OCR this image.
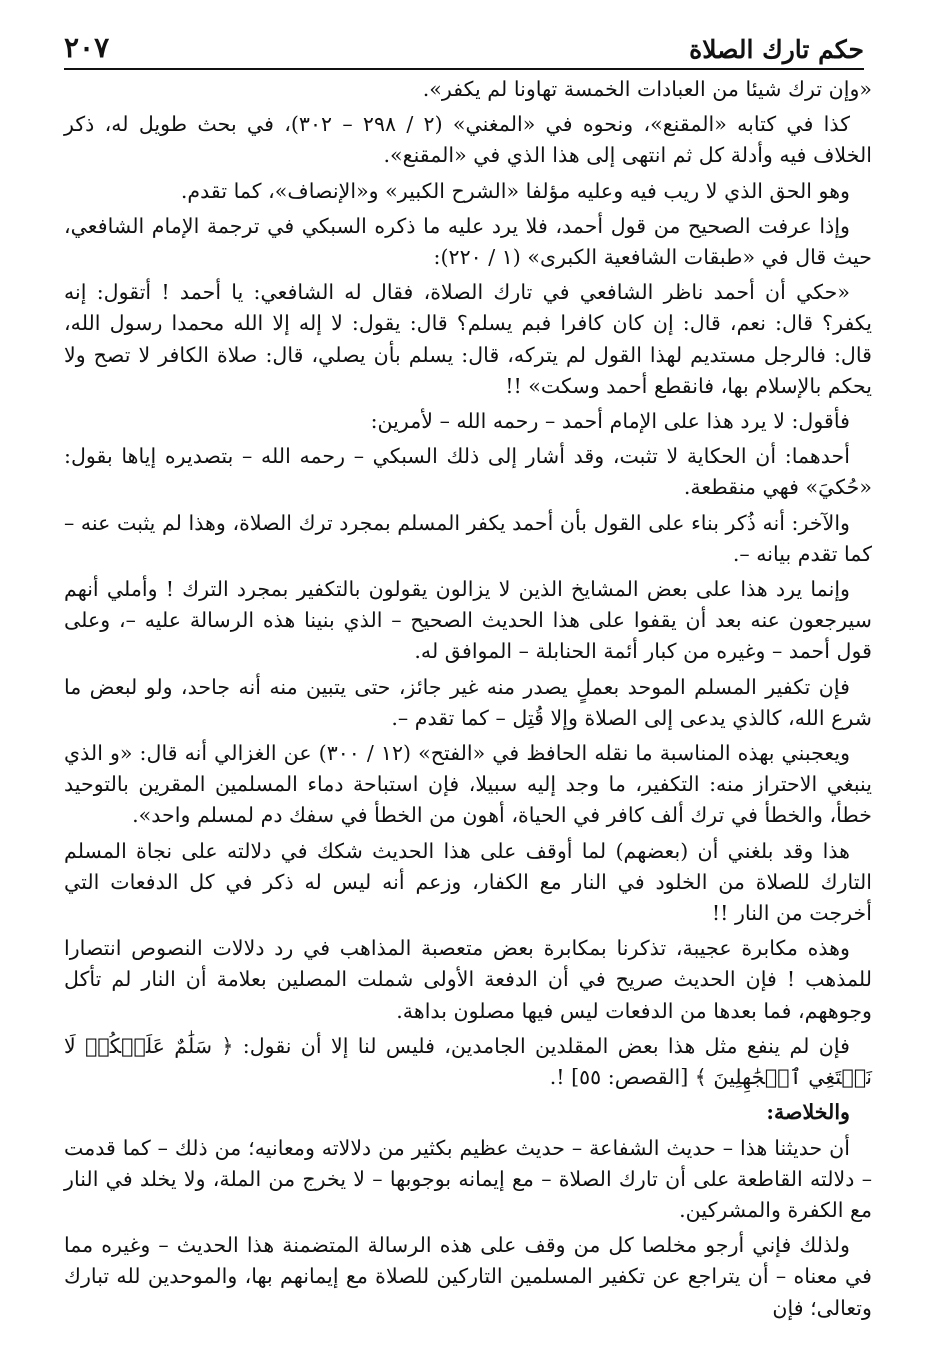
حكم تارك الصلاة
٢٠٧

«وإن ترك شيئا من العبادات الخمسة تهاونا لم يكفر».

كذا في كتابه «المقنع»، ونحوه في «المغني» (٢ / ٢٩٨ – ٣٠٢)، في بحث طويل له، ذكر الخلاف فيه وأدلة كل ثم انتهى إلى هذا الذي في «المقنع».

وهو الحق الذي لا ريب فيه وعليه مؤلفا «الشرح الكبير» و«الإنصاف»، كما تقدم.

وإذا عرفت الصحيح من قول أحمد، فلا يرد عليه ما ذكره السبكي في ترجمة الإمام الشافعي، حيث قال في «طبقات الشافعية الكبرى» (١ / ٢٢٠):

«حكي أن أحمد ناظر الشافعي في تارك الصلاة، فقال له الشافعي: يا أحمد ! أتقول: إنه يكفر؟ قال: نعم، قال: إن كان كافرا فبم يسلم؟ قال: يقول: لا إله إلا الله محمدا رسول الله، قال: فالرجل مستديم لهذا القول لم يتركه، قال: يسلم بأن يصلي، قال: صلاة الكافر لا تصح ولا يحكم بالإسلام بها، فانقطع أحمد وسكت» !!

فأقول: لا يرد هذا على الإمام أحمد – رحمه الله – لأمرين:

أحدهما: أن الحكاية لا تثبت، وقد أشار إلى ذلك السبكي – رحمه الله – بتصديره إياها بقول: «حُكيَ» فهي منقطعة.

والآخر: أنه ذُكر بناء على القول بأن أحمد يكفر المسلم بمجرد ترك الصلاة، وهذا لم يثبت عنه – كما تقدم بيانه –.

وإنما يرد هذا على بعض المشايخ الذين لا يزالون يقولون بالتكفير بمجرد الترك ! وأملي أنهم سيرجعون عنه بعد أن يقفوا على هذا الحديث الصحيح – الذي بنينا هذه الرسالة عليه –، وعلى قول أحمد – وغيره من كبار أئمة الحنابلة – الموافق له.

فإن تكفير المسلم الموحد بعملٍ يصدر منه غير جائز، حتى يتبين منه أنه جاحد، ولو لبعض ما شرع الله، كالذي يدعى إلى الصلاة وإلا قُتِل – كما تقدم –.

ويعجبني بهذه المناسبة ما نقله الحافظ في «الفتح» (١٢ / ٣٠٠) عن الغزالي أنه قال: «و الذي ينبغي الاحتراز منه: التكفير، ما وجد إليه سبيلا، فإن استباحة دماء المسلمين المقرين بالتوحيد خطأ، والخطأ في ترك ألف كافر في الحياة، أهون من الخطأ في سفك دم لمسلم واحد».

هذا وقد بلغني أن (بعضهم) لما أوقف على هذا الحديث شكك في دلالته على نجاة المسلم التارك للصلاة من الخلود في النار مع الكفار، وزعم أنه ليس له ذكر في كل الدفعات التي أخرجت من النار !!

وهذه مكابرة عجيبة، تذكرنا بمكابرة بعض متعصبة المذاهب في رد دلالات النصوص انتصارا للمذهب ! فإن الحديث صريح في أن الدفعة الأولى شملت المصلين بعلامة أن النار لم تأكل وجوههم، فما بعدها من الدفعات ليس فيها مصلون بداهة.

فإن لم ينفع مثل هذا بعض المقلدين الجامدين، فليس لنا إلا أن نقول: ﴿ سَلَٰمٌ عَلَيۡكُمۡ لَا نَبۡتَغِي ٱلۡجَٰهِلِينَ ﴾ [القصص: ٥٥] !.

والخلاصة:

أن حديثنا هذا – حديث الشفاعة – حديث عظيم بكثير من دلالاته ومعانيه؛ من ذلك – كما قدمت – دلالته القاطعة على أن تارك الصلاة – مع إيمانه بوجوبها – لا يخرج من الملة، ولا يخلد في النار مع الكفرة والمشركين.

ولذلك فإني أرجو مخلصا كل من وقف على هذه الرسالة المتضمنة هذا الحديث – وغيره مما في معناه – أن يتراجع عن تكفير المسلمين التاركين للصلاة مع إيمانهم بها، والموحدين لله تبارك وتعالى؛ فإن
